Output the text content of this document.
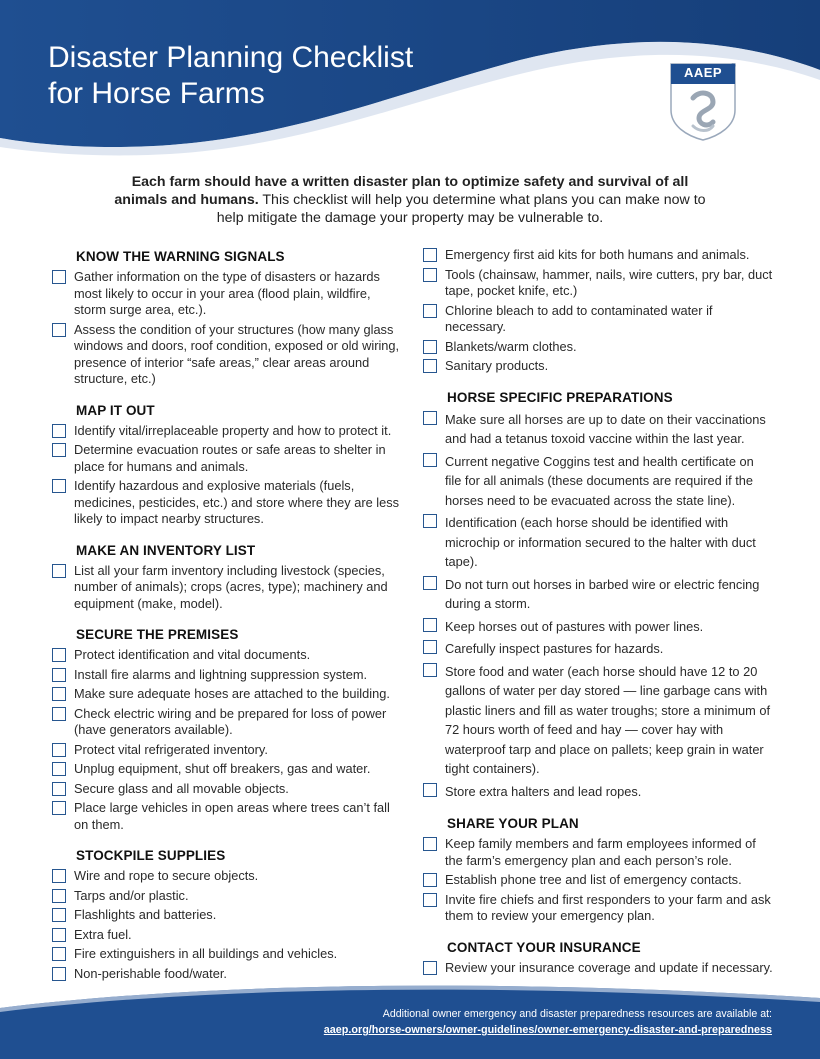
Disaster Planning Checklist
for Horse Farms
AAEP	®

Each farm should have a written disaster plan to optimize safety and survival of all animals and humans. This checklist will help you determine what plans you can make now to help mitigate the damage your property may be vulnerable to.

KNOW THE WARNING SIGNALS
Gather information on the type of disasters or hazards most likely to occur in your area (flood plain, wildfire, storm surge area, etc.).
Assess the condition of your structures (how many glass windows and doors, roof condition, exposed or old wiring, presence of interior “safe areas,” clear areas around structure, etc.)
MAP IT OUT
Identify vital/irreplaceable property and how to protect it.
Determine evacuation routes or safe areas to shelter in place for humans and animals.
Identify hazardous and explosive materials (fuels, medicines, pesticides, etc.) and store where they are less likely to impact nearby structures.
MAKE AN INVENTORY LIST
List all your farm inventory including livestock (species, number of animals); crops (acres, type); machinery and equipment (make, model).
SECURE THE PREMISES
Protect identification and vital documents.
Install fire alarms and lightning suppression system.
Make sure adequate hoses are attached to the building.
Check electric wiring and be prepared for loss of power (have generators available).
Protect vital refrigerated inventory.
Unplug equipment, shut off breakers, gas and water.
Secure glass and all movable objects.
Place large vehicles in open areas where trees can’t fall on them.
STOCKPILE SUPPLIES
Wire and rope to secure objects.
Tarps and/or plastic.
Flashlights and batteries.
Extra fuel.
Fire extinguishers in all buildings and vehicles.
Non-perishable food/water.
Emergency first aid kits for both humans and animals.
Tools (chainsaw, hammer, nails, wire cutters, pry bar, duct tape, pocket knife, etc.)
Chlorine bleach to add to contaminated water if necessary.
Blankets/warm clothes.
Sanitary products.
HORSE SPECIFIC PREPARATIONS
Make sure all horses are up to date on their vaccinations and had a tetanus toxoid vaccine within the last year.
Current negative Coggins test and health certificate on file for all animals (these documents are required if the horses need to be evacuated across the state line).
Identification (each horse should be identified with microchip or information secured to the halter with duct tape).
Do not turn out horses in barbed wire or electric fencing during a storm.
Keep horses out of pastures with power lines.
Carefully inspect pastures for hazards.
Store food and water (each horse should have 12 to 20 gallons of water per day stored — line garbage cans with plastic liners and fill as water troughs; store a minimum of 72 hours worth of feed and hay — cover hay with waterproof tarp and place on pallets; keep grain in water tight containers).
Store extra halters and lead ropes.
SHARE YOUR PLAN
Keep family members and farm employees informed of the farm’s emergency plan and each person’s role.
Establish phone tree and list of emergency contacts.
Invite fire chiefs and first responders to your farm and ask them to review your emergency plan.
CONTACT YOUR INSURANCE
Review your insurance coverage and update if necessary.
Additional owner emergency and disaster preparedness resources are available at:
aaep.org/horse-owners/owner-guidelines/owner-emergency-disaster-and-preparedness
